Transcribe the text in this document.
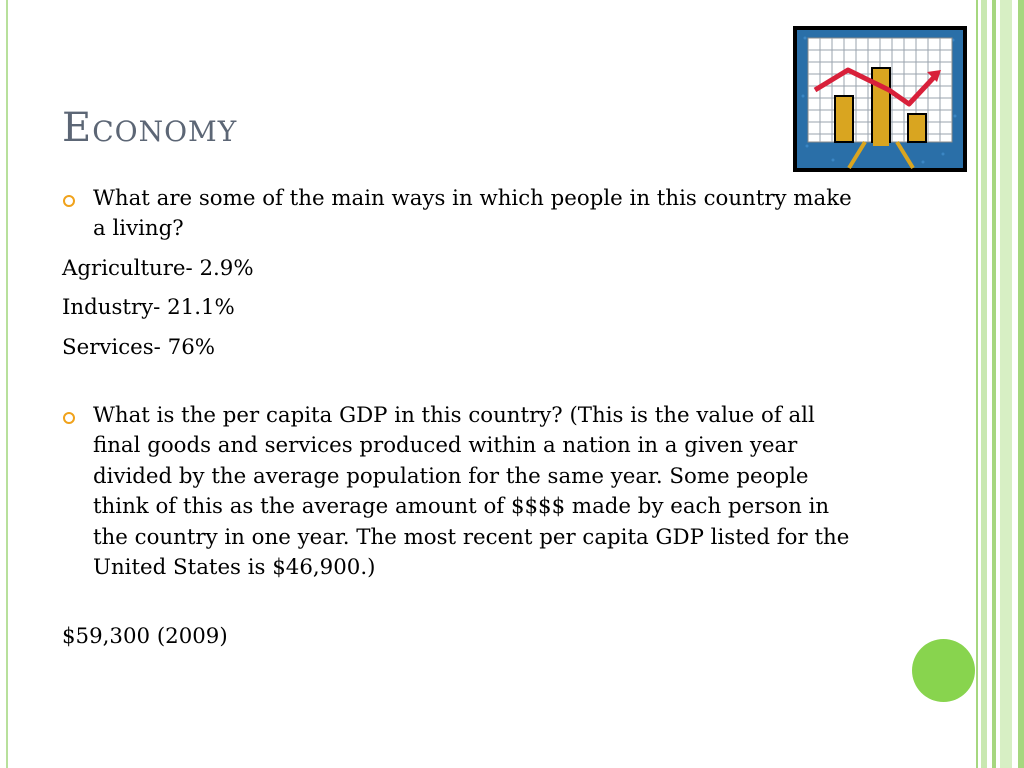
Economy
What are some of the main ways in which people in this country make a living?

Agriculture- 2.9%

Industry- 21.1%

Services- 76%

What is the per capita GDP in this country? (This is the value of all final goods and services produced within a nation in a given year divided by the average population for the same year. Some people think of this as the average amount of $$$$ made by each person in the country in one year. The most recent per capita GDP listed for the United States is $46,900.)

$59,300 (2009)
